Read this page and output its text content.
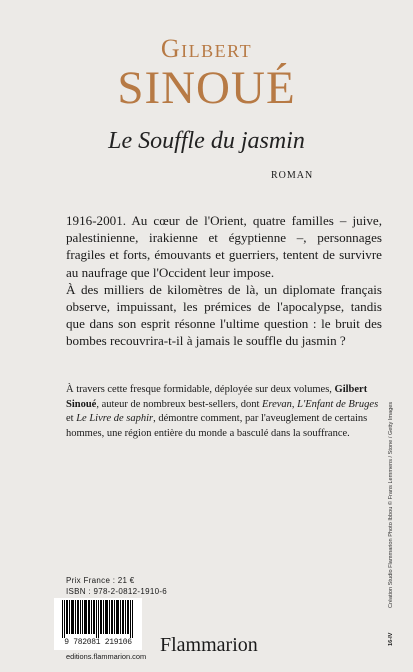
Gilbert
SINOUÉ
Le Souffle du jasmin
ROMAN

1916-2001. Au cœur de l'Orient, quatre familles – juive, palestinienne, irakienne et égyptienne –, personnages fragiles et forts, émouvants et guerriers, tentent de survivre au naufrage que l'Occident leur impose.

À des milliers de kilomètres de là, un diplomate français observe, impuissant, les prémices de l'apocalypse, tandis que dans son esprit résonne l'ultime question : le bruit des bombes recouvrira-t-il à jamais le souffle du jasmin ?

À travers cette fresque formidable, déployée sur deux volumes, Gilbert Sinoué, auteur de nombreux best-sellers, dont Erevan, L'Enfant de Bruges et Le Livre de saphir, démontre comment, par l'aveuglement de certains hommes, une région entière du monde a basculé dans la souffrance.	Création Studio Flammarion Photo Ibbou © Frans Lemmens / Stone / Getty Images
16-IV
Prix France : 21 €
ISBN : 978-2-0812-1910-6
9 782081 219106
editions.flammarion.com
Flammarion
